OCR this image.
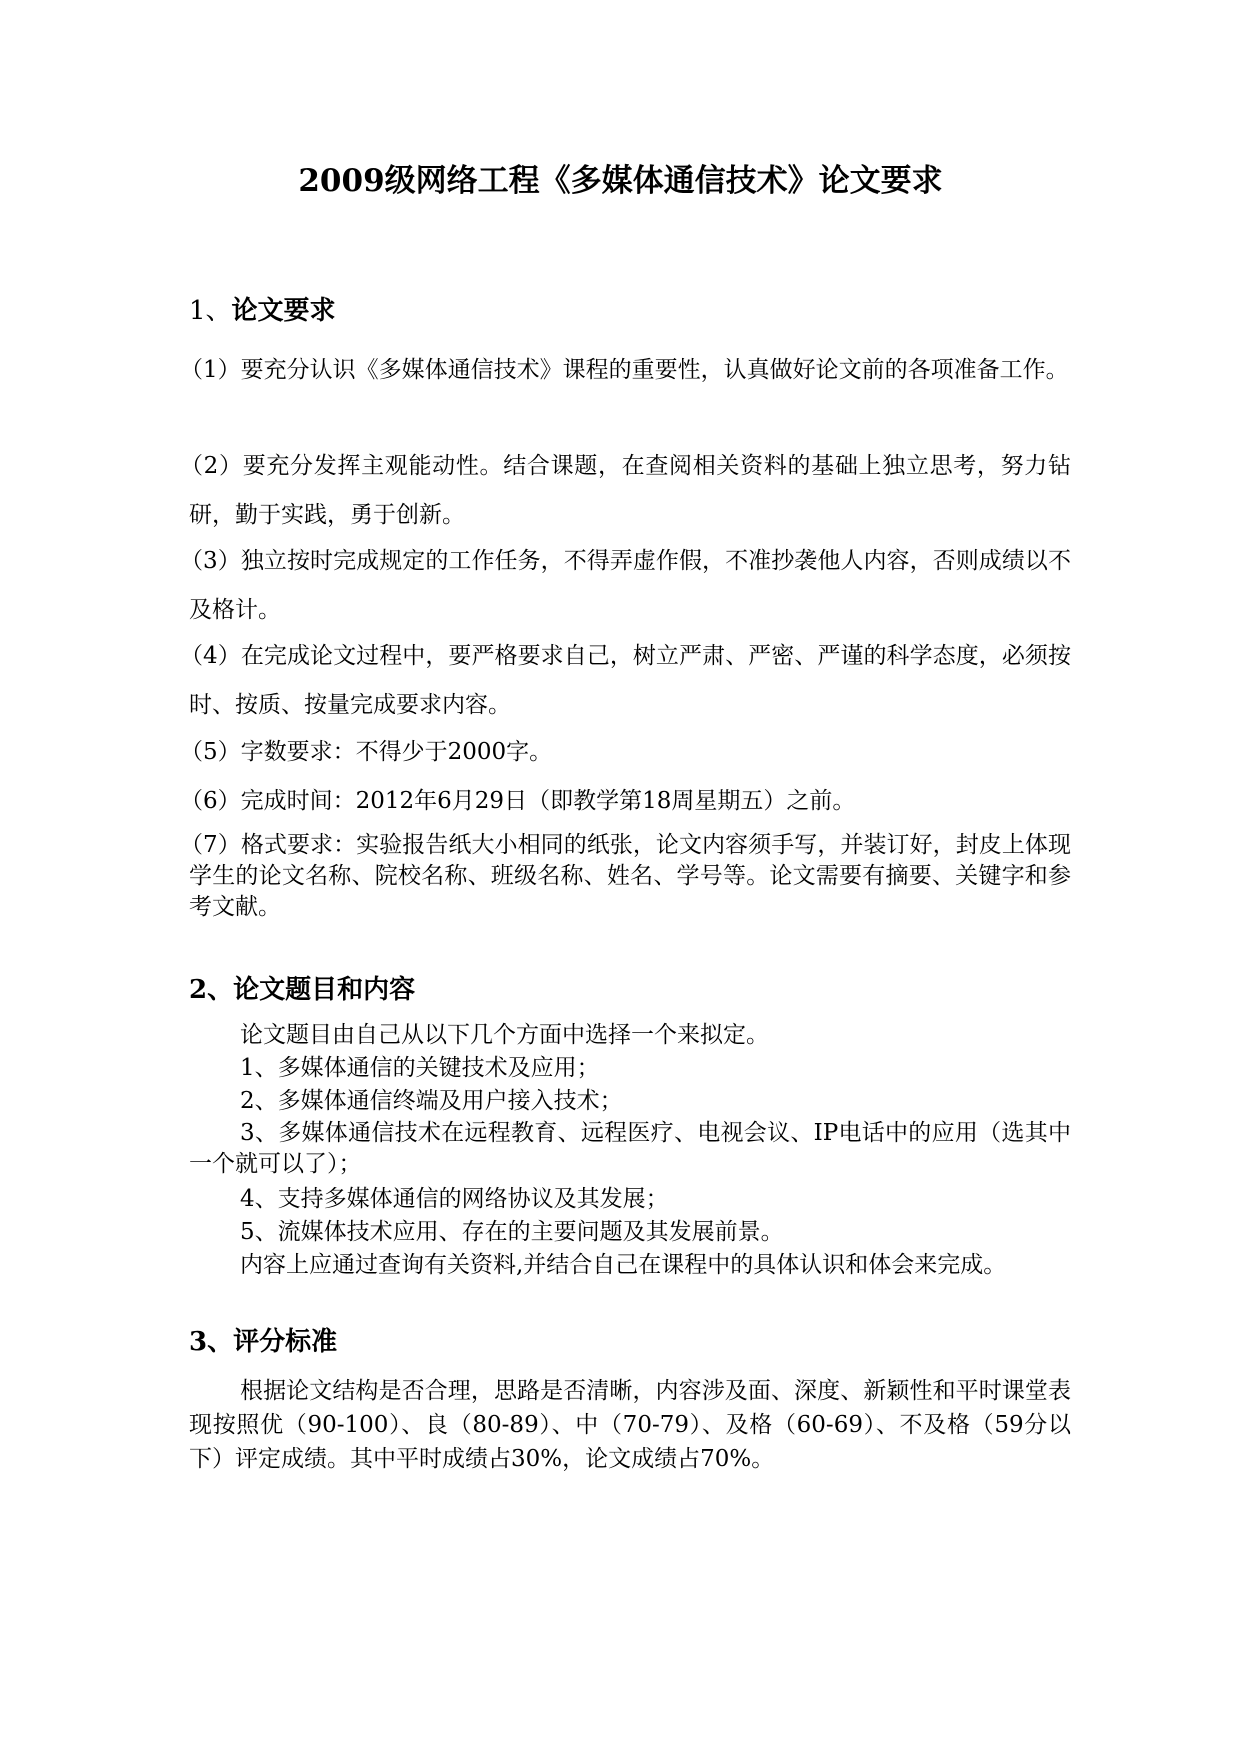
2009级网络工程《多媒体通信技术》论文要求
1、论文要求

（1）要充分认识《多媒体通信技术》课程的重要性，认真做好论文前的各项准备工作。

（2）要充分发挥主观能动性。结合课题，在查阅相关资料的基础上独立思考，努力钻研，勤于实践，勇于创新。

（3）独立按时完成规定的工作任务，不得弄虚作假，不准抄袭他人内容，否则成绩以不及格计。

（4）在完成论文过程中，要严格要求自己，树立严肃、严密、严谨的科学态度，必须按时、按质、按量完成要求内容。

（5）字数要求：不得少于2000字。

（6）完成时间：2012年6月29日（即教学第18周星期五）之前。

（7）格式要求：实验报告纸大小相同的纸张，论文内容须手写，并装订好，封皮上体现学生的论文名称、院校名称、班级名称、姓名、学号等。论文需要有摘要、关键字和参考文献。

2、论文题目和内容

论文题目由自己从以下几个方面中选择一个来拟定。

1、多媒体通信的关键技术及应用；

2、多媒体通信终端及用户接入技术；

3、多媒体通信技术在远程教育、远程医疗、电视会议、IP电话中的应用（选其中一个就可以了）；

4、支持多媒体通信的网络协议及其发展；

5、流媒体技术应用、存在的主要问题及其发展前景。

内容上应通过查询有关资料,并结合自己在课程中的具体认识和体会来完成。

3、评分标准

根据论文结构是否合理，思路是否清晰，内容涉及面、深度、新颖性和平时课堂表现按照优（90-100）、良（80-89）、中（70-79）、及格（60-69）、不及格（59分以下）评定成绩。其中平时成绩占30%，论文成绩占70%。
